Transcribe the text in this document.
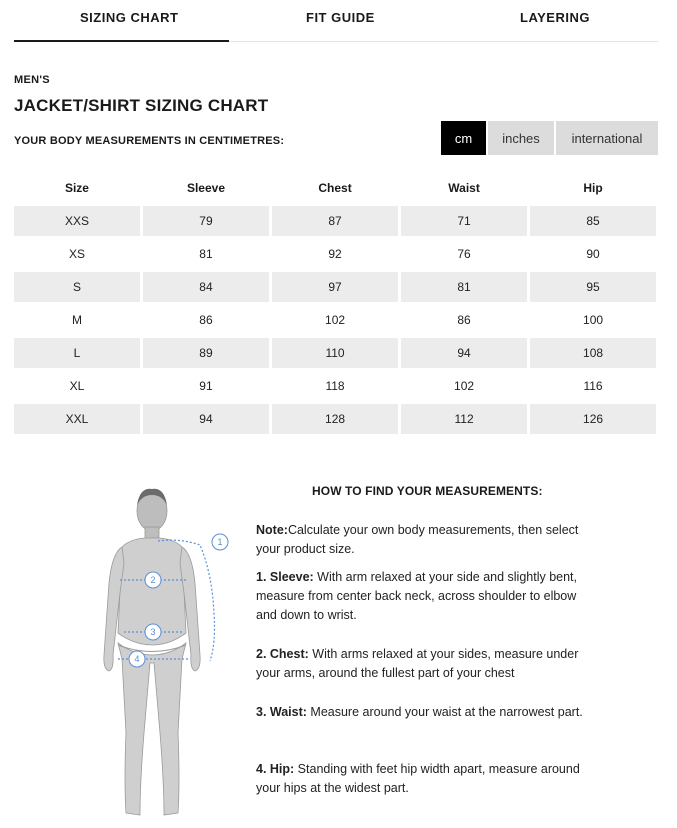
SIZING CHART	FIT GUIDE	LAYERING
MEN'S
JACKET/SHIRT SIZING CHART
YOUR BODY MEASUREMENTS IN CENTIMETRES:	cm	inches	international
Size	Sleeve	Chest	Waist	Hip
XXS	79	87	71	85
XS	81	92	76	90
S	84	97	81	95
M	86	102	86	100
L	89	110	94	108
XL	91	118	102	116
XXL	94	128	112	126
1
2
3
4
HOW TO FIND YOUR MEASUREMENTS:
Note:Calculate your own body measurements, then select your product size.
1. Sleeve: With arm relaxed at your side and slightly bent, measure from center back neck, across shoulder to elbow and down to wrist.
2. Chest: With arms relaxed at your sides, measure under your arms, around the fullest part of your chest
3. Waist: Measure around your waist at the narrowest part.
4. Hip: Standing with feet hip width apart, measure around your hips at the widest part.
